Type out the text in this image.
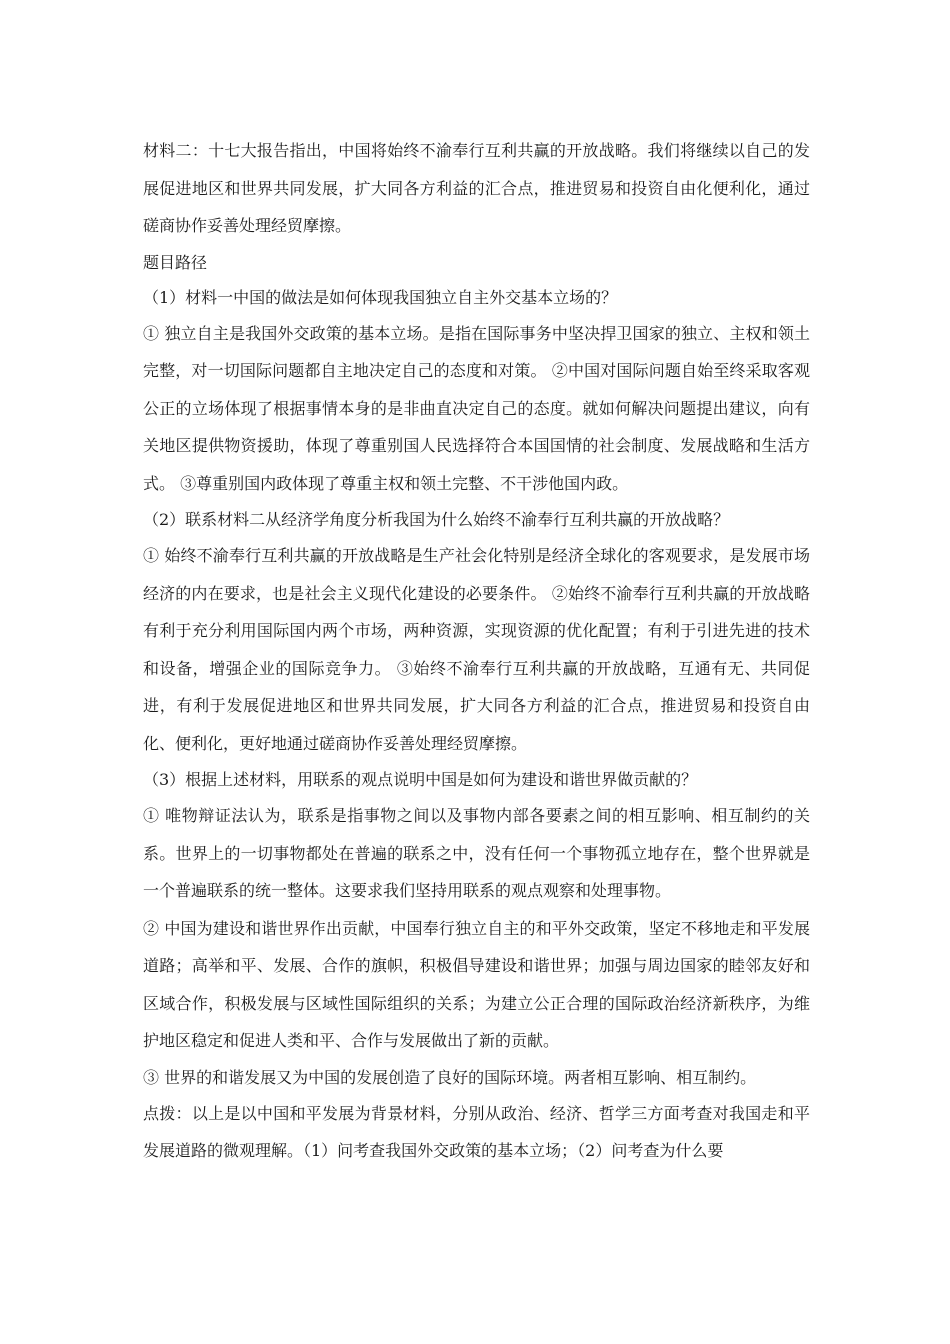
材料二：十七大报告指出，中国将始终不渝奉行互利共赢的开放战略。我们将继续以自己的发展促进地区和世界共同发展，扩大同各方利益的汇合点，推进贸易和投资自由化便利化，通过磋商协作妥善处理经贸摩擦。

题目路径

（1）材料一中国的做法是如何体现我国独立自主外交基本立场的？

① 独立自主是我国外交政策的基本立场。是指在国际事务中坚决捍卫国家的独立、主权和领土完整，对一切国际问题都自主地决定自己的态度和对策。 ②中国对国际问题自始至终采取客观公正的立场体现了根据事情本身的是非曲直决定自己的态度。就如何解决问题提出建议，向有关地区提供物资援助，体现了尊重别国人民选择符合本国国情的社会制度、发展战略和生活方式。 ③尊重别国内政体现了尊重主权和领土完整、不干涉他国内政。

（2）联系材料二从经济学角度分析我国为什么始终不渝奉行互利共赢的开放战略？

① 始终不渝奉行互利共赢的开放战略是生产社会化特别是经济全球化的客观要求，是发展市场经济的内在要求，也是社会主义现代化建设的必要条件。 ②始终不渝奉行互利共赢的开放战略有利于充分利用国际国内两个市场，两种资源，实现资源的优化配置；有利于引进先进的技术和设备，增强企业的国际竞争力。 ③始终不渝奉行互利共赢的开放战略，互通有无、共同促进，有利于发展促进地区和世界共同发展，扩大同各方利益的汇合点，推进贸易和投资自由化、便利化，更好地通过磋商协作妥善处理经贸摩擦。

（3）根据上述材料，用联系的观点说明中国是如何为建设和谐世界做贡献的？

① 唯物辩证法认为，联系是指事物之间以及事物内部各要素之间的相互影响、相互制约的关系。世界上的一切事物都处在普遍的联系之中，没有任何一个事物孤立地存在，整个世界就是一个普遍联系的统一整体。这要求我们坚持用联系的观点观察和处理事物。

② 中国为建设和谐世界作出贡献，中国奉行独立自主的和平外交政策，坚定不移地走和平发展道路；高举和平、发展、合作的旗帜，积极倡导建设和谐世界；加强与周边国家的睦邻友好和区域合作，积极发展与区域性国际组织的关系；为建立公正合理的国际政治经济新秩序，为维护地区稳定和促进人类和平、合作与发展做出了新的贡献。

③ 世界的和谐发展又为中国的发展创造了良好的国际环境。两者相互影响、相互制约。

点拨：以上是以中国和平发展为背景材料，分别从政治、经济、哲学三方面考查对我国走和平发展道路的微观理解。（1）问考查我国外交政策的基本立场；（2）问考查为什么要
